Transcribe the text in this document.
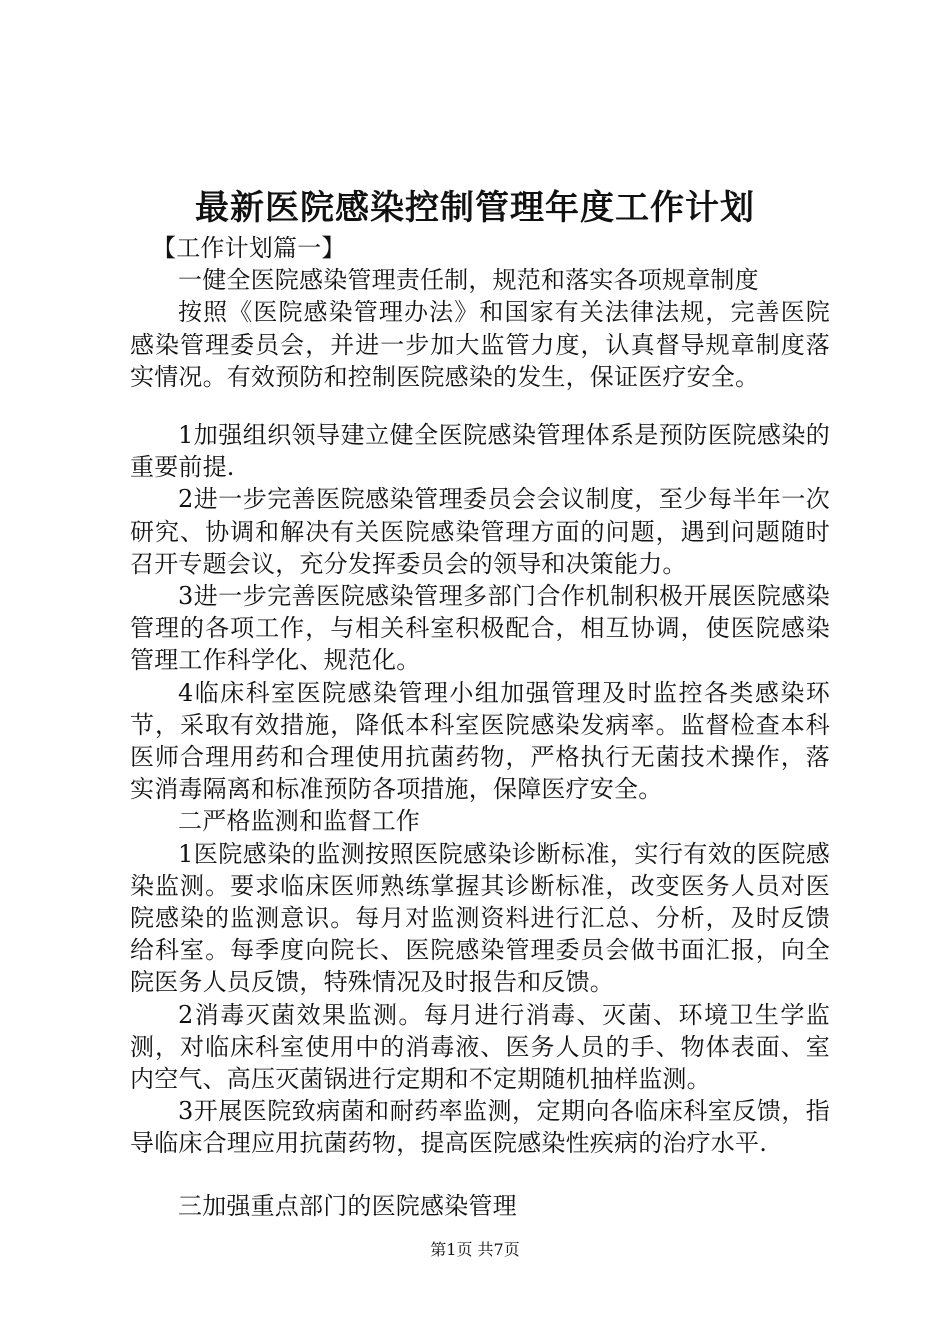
最新医院感染控制管理年度工作计划

【工作计划篇一】

一健全医院感染管理责任制，规范和落实各项规章制度

按照《医院感染管理办法》和国家有关法律法规，完善医院感染管理委员会，并进一步加大监管力度，认真督导规章制度落实情况。有效预防和控制医院感染的发生，保证医疗安全。

1加强组织领导建立健全医院感染管理体系是预防医院感染的重要前提.

2进一步完善医院感染管理委员会会议制度，至少每半年一次研究、协调和解决有关医院感染管理方面的问题，遇到问题随时召开专题会议，充分发挥委员会的领导和决策能力。

3进一步完善医院感染管理多部门合作机制积极开展医院感染管理的各项工作，与相关科室积极配合，相互协调，使医院感染管理工作科学化、规范化。

4临床科室医院感染管理小组加强管理及时监控各类感染环节，采取有效措施，降低本科室医院感染发病率。监督检查本科医师合理用药和合理使用抗菌药物，严格执行无菌技术操作，落实消毒隔离和标准预防各项措施，保障医疗安全。

二严格监测和监督工作

1医院感染的监测按照医院感染诊断标准，实行有效的医院感染监测。要求临床医师熟练掌握其诊断标准，改变医务人员对医院感染的监测意识。每月对监测资料进行汇总、分析，及时反馈给科室。每季度向院长、医院感染管理委员会做书面汇报，向全院医务人员反馈，特殊情况及时报告和反馈。

2消毒灭菌效果监测。每月进行消毒、灭菌、环境卫生学监测，对临床科室使用中的消毒液、医务人员的手、物体表面、室内空气、高压灭菌锅进行定期和不定期随机抽样监测。

3开展医院致病菌和耐药率监测，定期向各临床科室反馈，指导临床合理应用抗菌药物，提高医院感染性疾病的治疗水平.

三加强重点部门的医院感染管理

第1页 共7页
